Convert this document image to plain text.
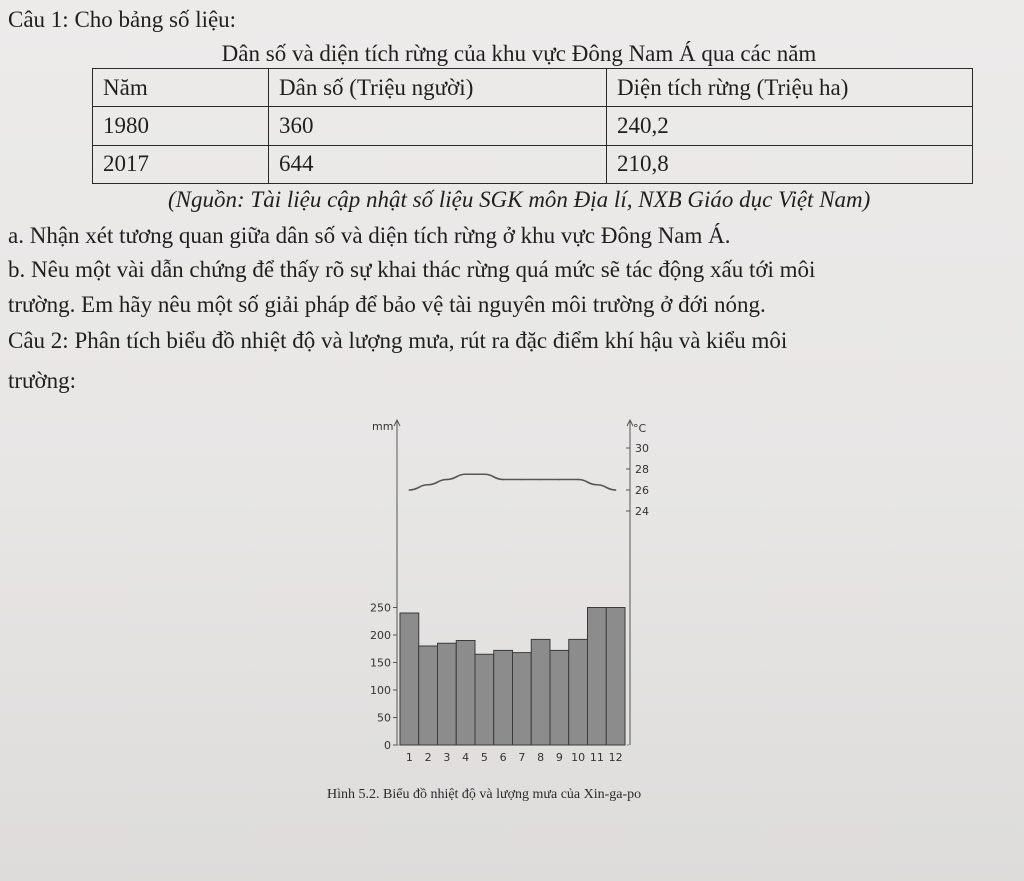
Câu 1: Cho bảng số liệu:
Dân số và diện tích rừng của khu vực Đông Nam Á qua các năm
Năm	Dân số (Triệu người)	Diện tích rừng (Triệu ha)
1980	360	240,2
2017	644	210,8
(Nguồn: Tài liệu cập nhật số liệu SGK môn Địa lí, NXB Giáo dục Việt Nam)
a. Nhận xét tương quan giữa dân số và diện tích rừng ở khu vực Đông Nam Á.
b. Nêu một vài dẫn chứng để thấy rõ sự khai thác rừng quá mức sẽ tác động xấu tới môi
trường. Em hãy nêu một số giải pháp để bảo vệ tài nguyên môi trường ở đới nóng.
Câu 2: Phân tích biểu đồ nhiệt độ và lượng mưa, rút ra đặc điểm khí hậu và kiểu môi
trường:
mm	°C
0
50
100
150
200
250
24
26
28
30
1 2 3 4 5 6 7 8 9 10 11 12
Hình 5.2. Biểu đồ nhiệt độ và lượng mưa của Xin-ga-po
